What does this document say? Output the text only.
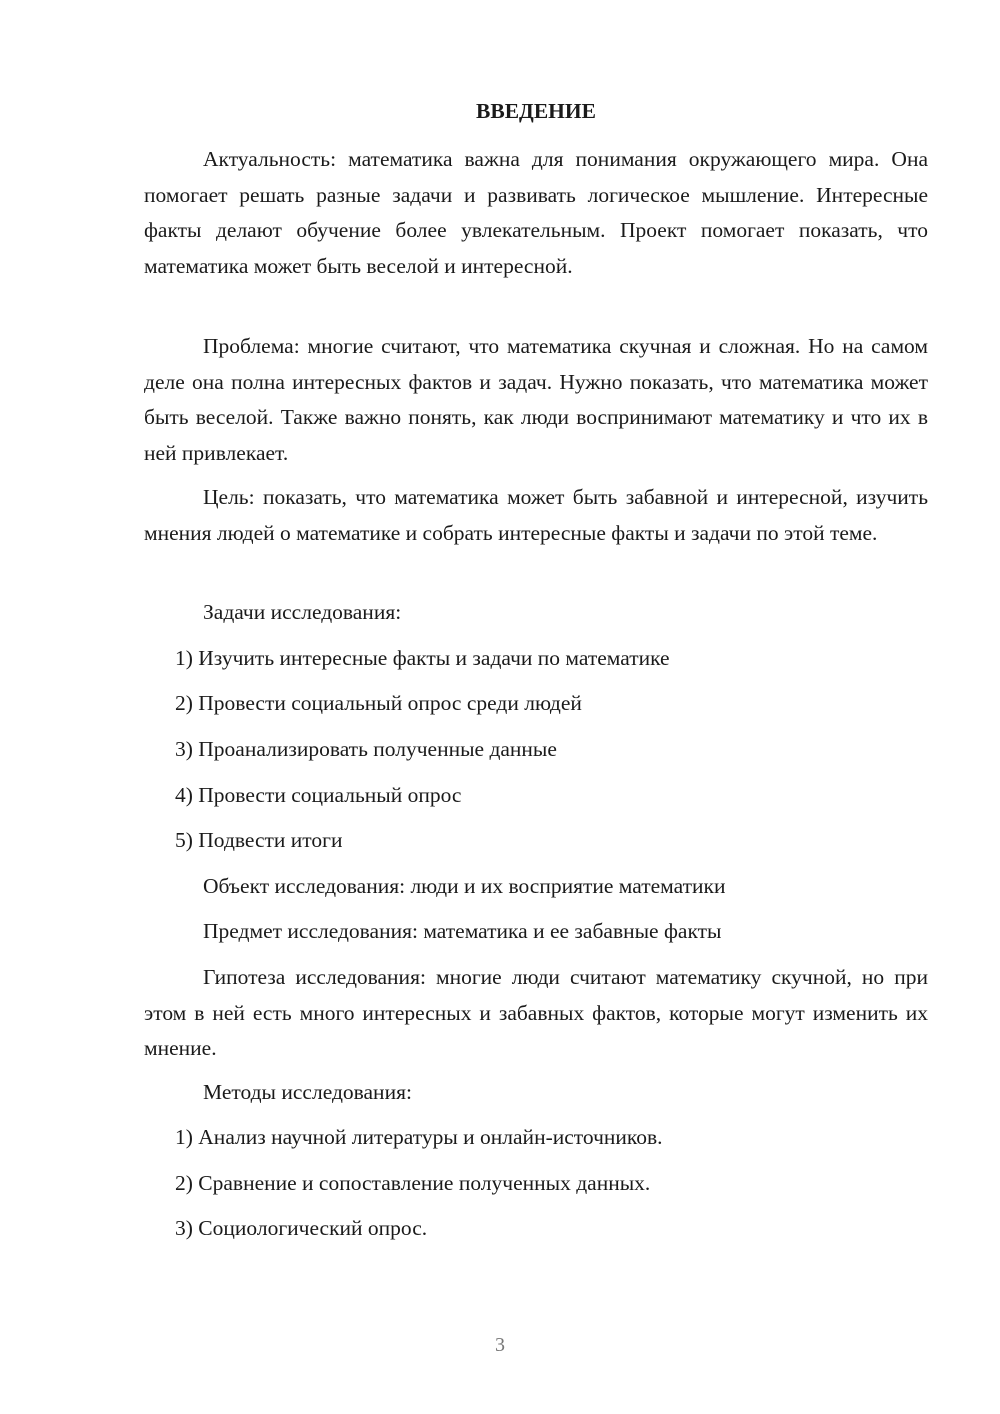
ВВЕДЕНИЕ

Актуальность: математика важна для понимания окружающего мира. Она помогает решать разные задачи и развивать логическое мышление. Интересные факты делают обучение более увлекательным. Проект помогает показать, что математика может быть веселой и интересной.

Проблема: многие считают, что математика скучная и сложная. Но на самом деле она полна интересных фактов и задач. Нужно показать, что математика может быть веселой. Также важно понять, как люди воспринимают математику и что их в ней привлекает.

Цель: показать, что математика может быть забавной и интересной, изучить мнения людей о математике и собрать интересные факты и задачи по этой теме.

Задачи исследования:
1) Изучить интересные факты и задачи по математике
2) Провести социальный опрос среди людей
3) Проанализировать полученные данные
4) Провести социальный опрос
5) Подвести итоги
Объект исследования: люди и их восприятие математики
Предмет исследования: математика и ее забавные факты

Гипотеза исследования: многие люди считают математику скучной, но при этом в ней есть много интересных и забавных фактов, которые могут изменить их мнение.

Методы исследования:
1) Анализ научной литературы и онлайн-источников.
2) Сравнение и сопоставление полученных данных.
3) Социологический опрос.
3
